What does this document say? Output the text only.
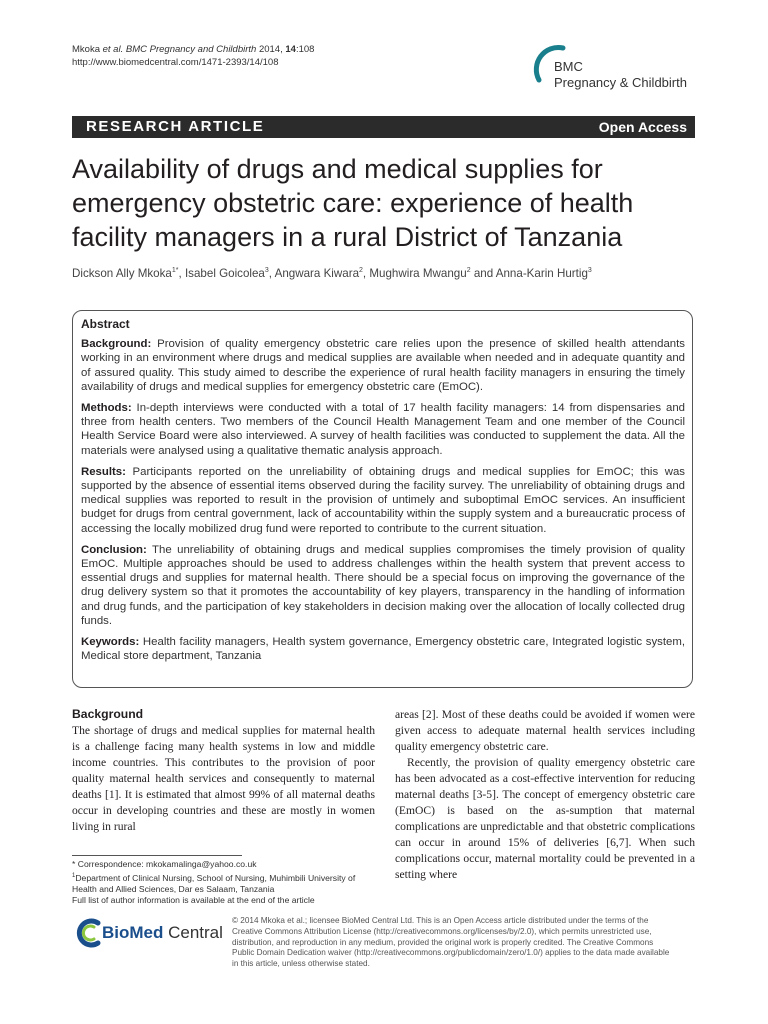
Mkoka et al. BMC Pregnancy and Childbirth 2014, 14:108
http://www.biomedcentral.com/1471-2393/14/108	BMC
Pregnancy & Childbirth
RESEARCH ARTICLE	Open Access
Availability of drugs and medical supplies for
emergency obstetric care: experience of health
facility managers in a rural District of Tanzania
Dickson Ally Mkoka$^{1*}$, Isabel Goicolea$^3$, Angwara Kiwara$^2$, Mughwira Mwangu$^2$ and Anna-Karin Hurtig$^3$
Abstract

Background: Provision of quality emergency obstetric care relies upon the presence of skilled health attendants working in an environment where drugs and medical supplies are available when needed and in adequate quantity and of assured quality. This study aimed to describe the experience of rural health facility managers in ensuring the timely availability of drugs and medical supplies for emergency obstetric care (EmOC).

Methods: In-depth interviews were conducted with a total of 17 health facility managers: 14 from dispensaries and three from health centers. Two members of the Council Health Management Team and one member of the Council Health Service Board were also interviewed. A survey of health facilities was conducted to supplement the data. All the materials were analysed using a qualitative thematic analysis approach.

Results: Participants reported on the unreliability of obtaining drugs and medical supplies for EmOC; this was supported by the absence of essential items observed during the facility survey. The unreliability of obtaining drugs and medical supplies was reported to result in the provision of untimely and suboptimal EmOC services. An insufficient budget for drugs from central government, lack of accountability within the supply system and a bureaucratic process of accessing the locally mobilized drug fund were reported to contribute to the current situation.

Conclusion: The unreliability of obtaining drugs and medical supplies compromises the timely provision of quality EmOC. Multiple approaches should be used to address challenges within the health system that prevent access to essential drugs and supplies for maternal health. There should be a special focus on improving the governance of the drug delivery system so that it promotes the accountability of key players, transparency in the handling of information and drug funds, and the participation of key stakeholders in decision making over the allocation of locally collected drug funds.

Keywords: Health facility managers, Health system governance, Emergency obstetric care, Integrated logistic system, Medical store department, Tanzania

Background

The shortage of drugs and medical supplies for maternal health is a challenge facing many health systems in low and middle income countries. This contributes to the provision of poor quality maternal health services and consequently to maternal deaths [1]. It is estimated that almost 99% of all maternal deaths occur in developing countries and these are mostly in women living in rural

areas [2]. Most of these deaths could be avoided if women were given access to adequate maternal health services including quality emergency obstetric care.

Recently, the provision of quality emergency obstetric care has been advocated as a cost-effective intervention for reducing maternal deaths [3-5]. The concept of emergency obstetric care (EmOC) is based on the as-sumption that maternal complications are unpredictable and that obstetric complications can occur in around 15% of deliveries [6,7]. When such complications occur, maternal mortality could be prevented in a setting where

* Correspondence: mkokamalinga@yahoo.co.uk
$^1$Department of Clinical Nursing, School of Nursing, Muhimbili University of Health and Allied Sciences, Dar es Salaam, Tanzania
Full list of author information is available at the end of the article
BioMed Central
© 2014 Mkoka et al.; licensee BioMed Central Ltd. This is an Open Access article distributed under the terms of the Creative Commons Attribution License (http://creativecommons.org/licenses/by/2.0), which permits unrestricted use, distribution, and reproduction in any medium, provided the original work is properly credited. The Creative Commons Public Domain Dedication waiver (http://creativecommons.org/publicdomain/zero/1.0/) applies to the data made available in this article, unless otherwise stated.
